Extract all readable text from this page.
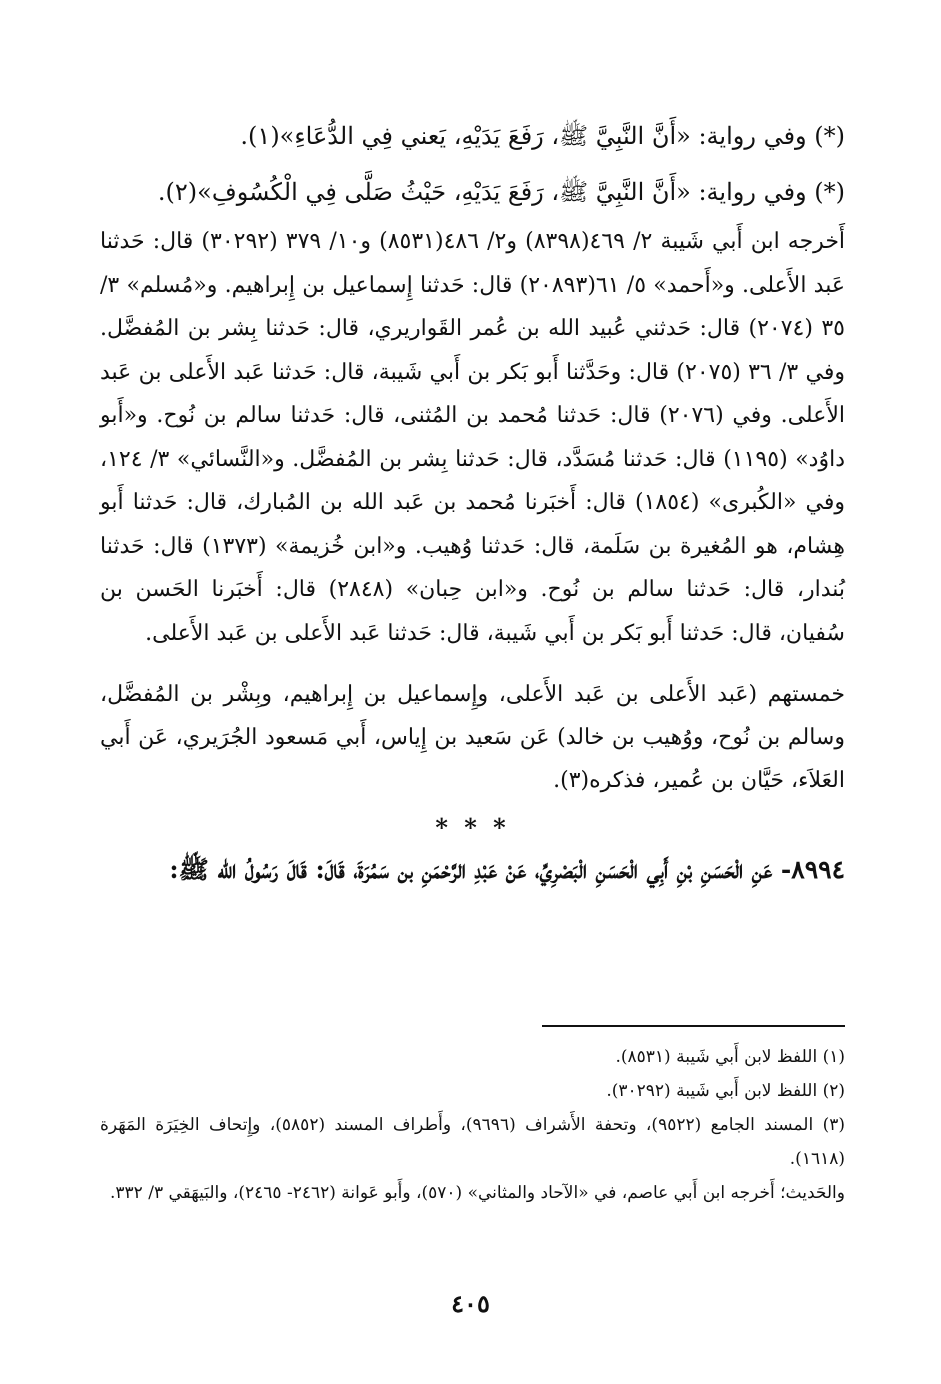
(*) وفي رواية: «أَنَّ النَّبِيَّ ﷺ، رَفَعَ يَدَيْهِ، يَعني فِي الدُّعَاءِ»(١).

(*) وفي رواية: «أَنَّ النَّبِيَّ ﷺ، رَفَعَ يَدَيْهِ، حَيْثُ صَلَّى فِي الْكُسُوفِ»(٢).

أَخرجه ابن أَبي شَيبة ٢/ ٤٦٩(٨٣٩٨) و٢/ ٤٨٦(٨٥٣١) و١٠/ ٣٧٩ (٣٠٢٩٢) قال: حَدثنا عَبد الأَعلى. و«أَحمد» ٥/ ٦١(٢٠٨٩٣) قال: حَدثنا إِسماعيل بن إِبراهيم. و«مُسلم» ٣/ ٣٥ (٢٠٧٤) قال: حَدثني عُبيد الله بن عُمر القَواريري، قال: حَدثنا بِشر بن المُفضَّل. وفي ٣/ ٣٦ (٢٠٧٥) قال: وحَدَّثنا أَبو بَكر بن أَبي شَيبة، قال: حَدثنا عَبد الأَعلى بن عَبد الأَعلى. وفي (٢٠٧٦) قال: حَدثنا مُحمد بن المُثنى، قال: حَدثنا سالم بن نُوح. و«أَبو داوُد» (١١٩٥) قال: حَدثنا مُسَدَّد، قال: حَدثنا بِشر بن المُفضَّل. و«النَّسائي» ٣/ ١٢٤، وفي «الكُبرى» (١٨٥٤) قال: أَخبَرنا مُحمد بن عَبد الله بن المُبارك، قال: حَدثنا أَبو هِشام، هو المُغيرة بن سَلَمة، قال: حَدثنا وُهيب. و«ابن خُزيمة» (١٣٧٣) قال: حَدثنا بُندار، قال: حَدثنا سالم بن نُوح. و«ابن حِبان» (٢٨٤٨) قال: أَخبَرنا الحَسن بن سُفيان، قال: حَدثنا أَبو بَكر بن أَبي شَيبة، قال: حَدثنا عَبد الأَعلى بن عَبد الأَعلى.

خمستهم (عَبد الأَعلى بن عَبد الأَعلى، وإِسماعيل بن إِبراهيم، وبِشْر بن المُفضَّل، وسالم بن نُوح، ووُهيب بن خالد) عَن سَعيد بن إِياس، أَبي مَسعود الجُرَيري، عَن أَبي العَلاَء، حَيَّان بن عُمير، فذكره(٣).

* * *

٨٩٩٤- عَنِ الْحَسَنِ بْنِ أَبِي الْحَسَنِ الْبَصْرِيِّ، عَنْ عَبْدِ الرَّحْمَنِ بن سَمُرَةَ، قَالَ: قَالَ رَسُولُ الله ﷺ:

(١) اللفظ لابن أَبي شَيبة (٨٥٣١).

(٢) اللفظ لابن أَبي شَيبة (٣٠٢٩٢).

(٣) المسند الجامع (٩٥٢٢)، وتحفة الأَشراف (٩٦٩٦)، وأَطراف المسند (٥٨٥٢)، وإِتحاف الخِيَرَة المَهَرة (١٦١٨).

والحَديث؛ أَخرجه ابن أَبي عاصم، في «الآحاد والمثاني» (٥٧٠)، وأَبو عَوانة (٢٤٦٢- ٢٤٦٥)، والبَيهَقي ٣/ ٣٣٢.

٤٠٥
